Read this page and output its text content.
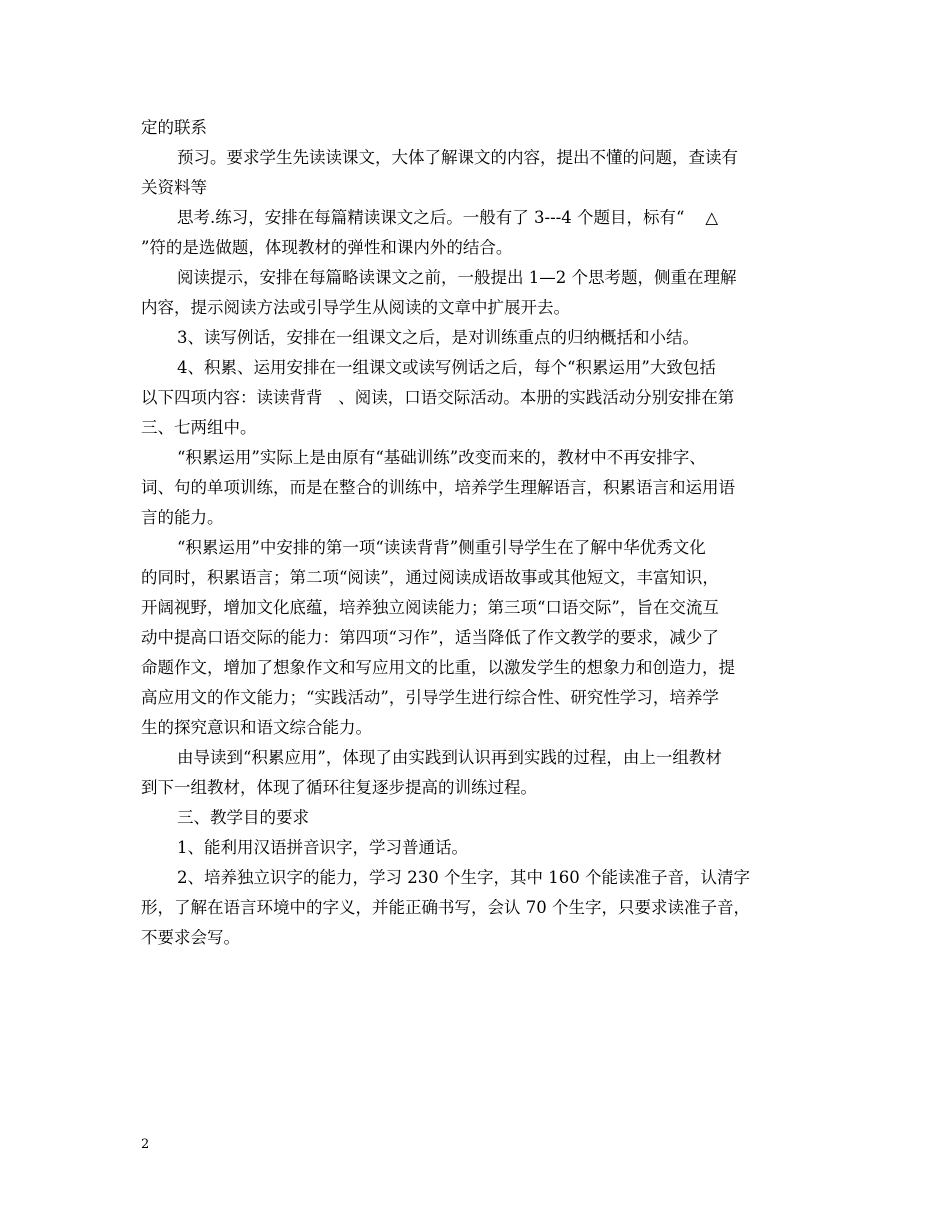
定的联系
预习。要求学生先读读课文，大体了解课文的内容，提出不懂的问题，查读有
关资料等
思考.练习，安排在每篇精读课文之后。一般有了 3---4 个题目，标有“    △
”符的是选做题，体现教材的弹性和课内外的结合。
阅读提示，安排在每篇略读课文之前，一般提出 1—2 个思考题，侧重在理解
内容，提示阅读方法或引导学生从阅读的文章中扩展开去。
3、读写例话，安排在一组课文之后，是对训练重点的归纳概括和小结。
4、积累、运用安排在一组课文或读写例话之后，每个“积累运用”大致包括
以下四项内容：读读背背   、阅读，口语交际活动。本册的实践活动分别安排在第
三、七两组中。
“积累运用”实际上是由原有“基础训练”改变而来的，教材中不再安排字、
词、句的单项训练，而是在整合的训练中，培养学生理解语言，积累语言和运用语
言的能力。
“积累运用”中安排的第一项“读读背背”侧重引导学生在了解中华优秀文化
的同时，积累语言；第二项“阅读”，通过阅读成语故事或其他短文，丰富知识，
开阔视野，增加文化底蕴，培养独立阅读能力；第三项“口语交际”，旨在交流互
动中提高口语交际的能力：第四项“习作”，适当降低了作文教学的要求，减少了
命题作文，增加了想象作文和写应用文的比重，以激发学生的想象力和创造力，提
高应用文的作文能力；“实践活动”，引导学生进行综合性、研究性学习，培养学
生的探究意识和语文综合能力。
由导读到“积累应用”，体现了由实践到认识再到实践的过程，由上一组教材
到下一组教材，体现了循环往复逐步提高的训练过程。
三、教学目的要求
1、能利用汉语拼音识字，学习普通话。
2、培养独立识字的能力，学习 230 个生字，其中 160 个能读准子音，认清字
形，了解在语言环境中的字义，并能正确书写，会认 70 个生字，只要求读准子音，
不要求会写。
2
